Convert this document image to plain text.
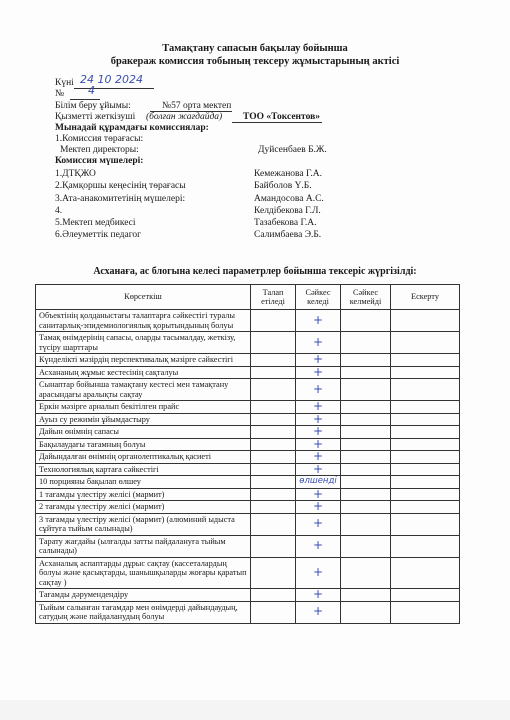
Тамақтану сапасын бақылау бойынша
бракераж комиссия тобының тексеру жұмыстарының актісі
Күні 24 10 2024
№ 4
Білім беру ұйымы:	№57 орта мектеп
Қызметті жеткізуші (болған жағдайда) ТОО «Токсентов»
Мынадай құрамдағы комиссиялар:
1.Комиссия төрағасы:
Мектеп директоры:	Дуйсенбаев Б.Ж.
Комиссия мүшелері:
1.ДТҚЖО	Кемежанова Г.А.
2.Қамқоршы кеңесінің төрағасы	Байболов Ү.Б.
3.Ата-анакомитетінің мүшелері:	Амандосова А.С.
4.	Келдібекова Г.Л.
5.Мектеп медбикесі	Тазабекова Г.А.
6.Әлеуметтік педагог	Салимбаева Э.Б.
Асханаға, ас блогына келесі параметрлер бойынша тексеріс жүргізілді:
Көрсеткіш	Талап етіледі	Сәйкес келеді	Сәйкес келмейді	Ескерту
Объектінің қолданыстағы талаптарға сәйкестігі туралы санитарлық-эпидемиологиялық қорытындының болуы		+		
Тамақ өнімдерінің сапасы, оларды тасымалдау, жеткізу, түсіру шарттары		+		
Күнделікті мәзірдің перспективалық мәзірге сәйкестігі		+		
Асхананың жұмыс кестесінің сақталуы		+		
Сынаптар бойынша тамақтану кестесі мен тамақтану арасындағы аралықты сақтау		+		
Еркін мәзірге арналып бекітілген прайс		+		
Ауыз су режимін ұйымдастыру		+		
Дайын өнімнің сапасы		+		
Бақылаудағы тағамның болуы		+		
Дайындалған өнімнің органолептикалық қасиеті		+		
Технологиялық картаға сәйкестігі		+		
10 порцияны бақылап өлшеу		өлшенді		
1 тағамды үлестіру желісі (мармит)		+		
2 тағамды үлестіру желісі (мармит)		+		
3 тағамды үлестіру желісі (мармит) (алюминий ыдыста сұйтуға тыйым салынады)		+		
Тарату жағдайы (ылғалды затты пайдалануға тыйым салынады)		+		
Асханалық аспаптарды дұрыс сақтау (кассеталардың болуы және қасықтарды, шанышқыларды жоғары қаратып сақтау )		+		
Тағамды дәрумендендіру		+		
Тыйым салынған тағамдар мен өнімдерді дайындаудың, сатудың және пайдаланудың болуы		+		
